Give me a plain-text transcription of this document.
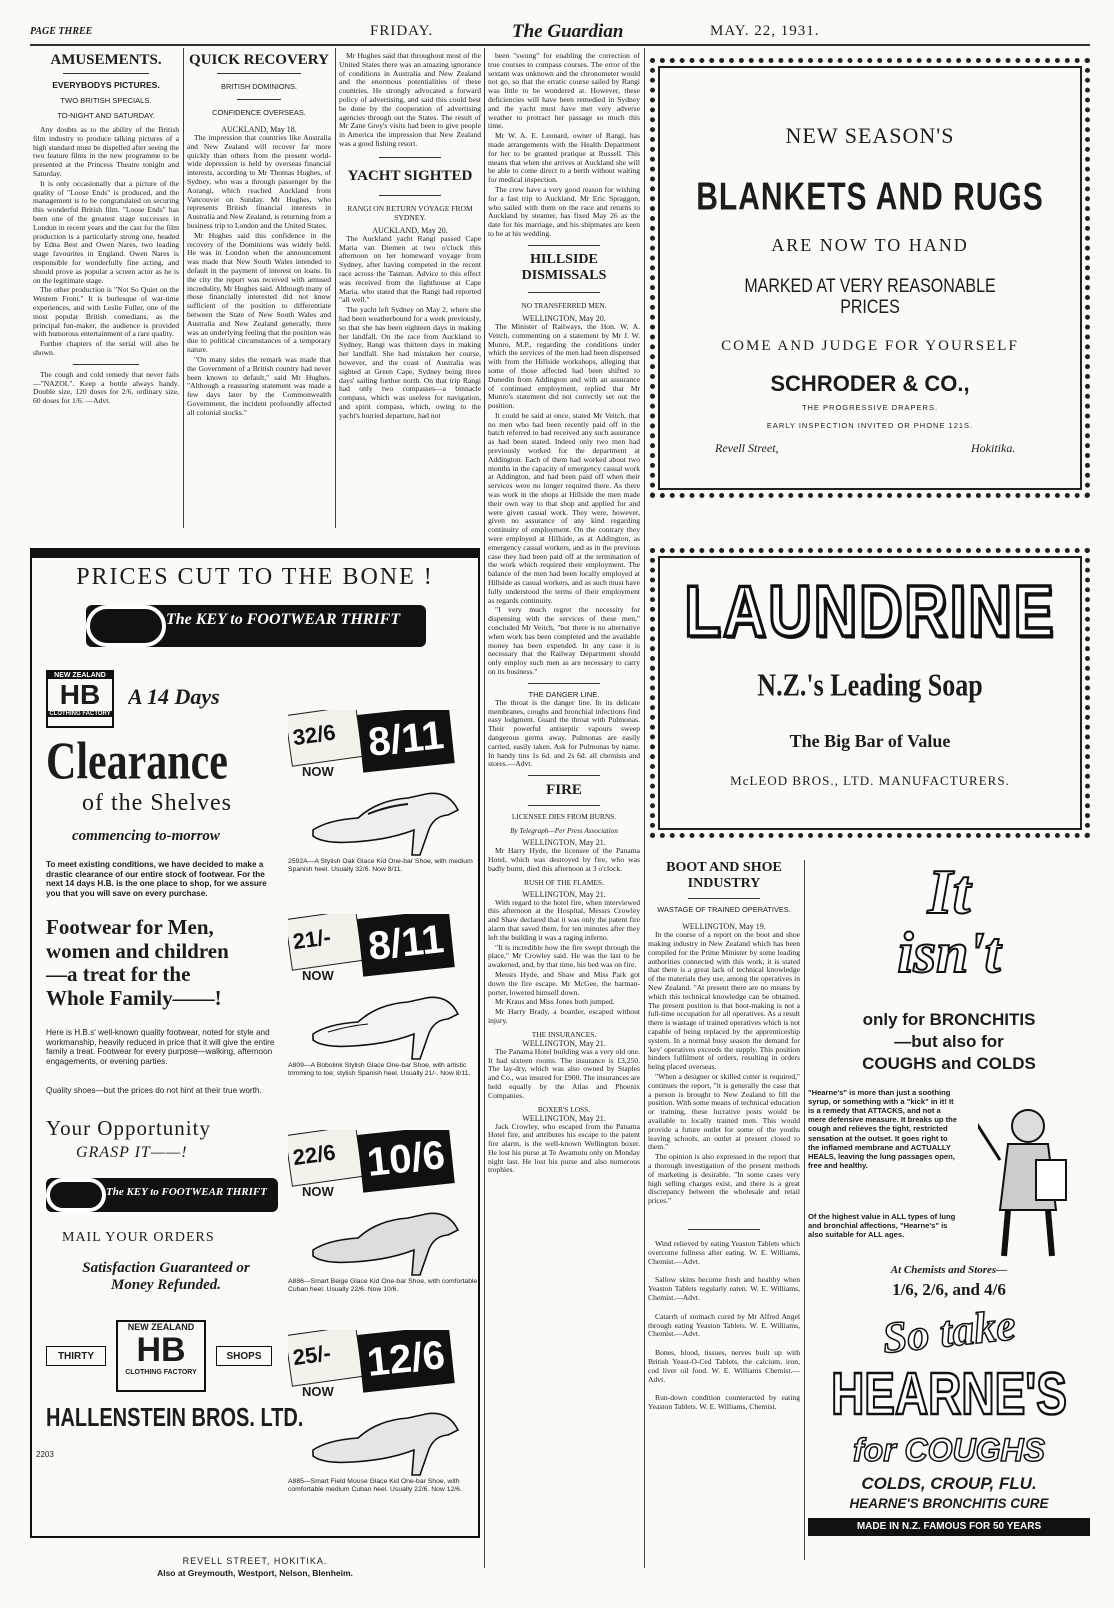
PAGE THREE	FRIDAY.	The Guardian	MAY. 22, 1931.
AMUSEMENTS.
EVERYBODYS PICTURES.
TWO BRITISH SPECIALS.
TO-NIGHT AND SATURDAY.

Any doubts as to the ability of the British film industry to produce talking pictures of a high standard must be dispelled after seeing the two feature films in the new programme to be presented at the Princess Theatre tonight and Saturday.

It is only occasionally that a picture of the quality of "Loose Ends" is produced, and the management is to be congratulated on securing this wonderful British film. "Loose Ends" has been one of the greatest stage successes in London in recent years and the cast for the film production is a particularly strong one, headed by Edna Best and Owen Nares, two leading stage favourites in England. Owen Nares is responsible for wonderfully fine acting, and should prove as popular a screen actor as he is on the legitimate stage.

The other production is "Not So Quiet on the Western Front." It is burlesque of war-time experiences, and with Leslie Fuller, one of the most popular British comedians, as the principal fun-maker, the audience is provided with humorous entertainment of a rare quality.

Further chapters of the serial will also be shown.

The cough and cold remedy that never fails—"NAZOL". Keep a bottle always handy. Double size, 120 doses for 2/6, ordinary size, 60 doses for 1/6. —Advt.

QUICK RECOVERY
BRITISH DOMINIONS.
CONFIDENCE OVERSEAS.
AUCKLAND, May 18.

The impression that countries like Australia and New Zealand will recover far more quickly than others from the present world-wide depression is held by overseas financial interests, according to Mr Thomas Hughes, of Sydney, who was a through passenger by the Aorangi, which reached Auckland from Vancouver on Sunday. Mr Hughes, who represents British financial interests in Australia and New Zealand, is returning from a business trip to London and the United States.

Mr Hughes said this confidence in the recovery of the Dominions was widely held. He was in London when the announcement was made that New South Wales intended to default in the payment of interest on loans. In the city the report was received with amused incredulity, Mr Hughes said. Although many of those financially interested did not know sufficient of the position to differentiate between the State of New South Wales and Australia and New Zealand generally, there was an underlying feeling that the position was due to political circumstances of a temporary nature.

"On many sides the remark was made that the Government of a British country had never been known to default," said Mr Hughes. "Although a reassuring statement was made a few days later by the Commonwealth Government, the incident profoundly affected all colonial stocks."

Mr Hughes said that throughout most of the United States there was an amazing ignorance of conditions in Australia and New Zealand and the enormous potentialities of these countries. He strongly advocated a forward policy of advertising, and said this could best be done by the cooperation of advertising agencies through out the States. The result of Mr Zane Grey's visits had been to give people in America the impression that New Zealand was a good fishing resort.

YACHT SIGHTED
RANGI ON RETURN VOYAGE FROM SYDNEY.
AUCKLAND, May 20.

The Auckland yacht Rangi passed Cape Maria van Diemen at two o'clock this afternoon on her homeward voyage from Sydney, after having competed in the recent race across the Tasman. Advice to this effect was received from the lighthouse at Cape Maria, who stated that the Rangi had reported "all well."

The yacht left Sydney on May 2, where she had been weatherbound for a week previously, so that she has been eighteen days in making her landfall. On the race from Auckland to Sydney, Rangi was thirteen days in making her landfall. She had mistaken her course, however, and the coast of Australia was sighted at Green Cape, Sydney being three days' sailing further north. On that trip Rangi had only two compasses—a binnacle compass, which was useless for navigation, and spirit compass, which, owing to the yacht's hurried departure, had not

been "swung" for enabling the correction of true courses to compass courses. The error of the sextant was unknown and the chronometer would not go, so that the erratic course sailed by Rangi was little to be wondered at. However, these deficiencies will have been remedied in Sydney and the yacht must have met very adverse weather to protract her passage so much this time.

Mr W. A. E. Leonard, owner of Rangi, has made arrangements with the Health Department for her to be granted pratique at Russell. This means that when she arrives at Auckland she will be able to come direct to a berth without waiting for medical inspection.

The crew have a very good reason for wishing for a fast trip to Auckland. Mr Eric Spraggon, who sailed with them on the race and returns to Auckland by steamer, has fixed May 26 as the date for his marriage, and his shipmates are keen to be at his wedding.

HILLSIDE DISMISSALS
NO TRANSFERRED MEN.
WELLINGTON, May 20.

The Minister of Railways, the Hon. W. A. Veitch, commenting on a statement by Mr J. W. Munro, M.P., regarding the conditions under which the services of the men had been dispensed with from the Hillside workshops, alleging that some of those affected had been shifted to Dunedin from Addington and with an assurance of continued employment, replied that Mr Munro's statement did not correctly set out the position.

It could be said at once, stated Mr Veitch, that no men who had been recently paid off in the batch referred to had received any such assurance as had been stated. Indeed only two men had previously worked for the department at Addington. Each of them had worked about two months in the capacity of emergency casual work at Addington, and had been paid off when their services were no longer required there. As there was work in the shops at Hillside the men made their own way to that shop and applied for and were given casual work. They were, however, given no assurance of any kind regarding continuity of employment. On the contrary they were employed at Hillside, as at Addington, as emergency casual workers, and as in the previous case they had been paid off at the termination of the work which required their employment. The balance of the men had been locally employed at Hillside as casual workers, and as such must have fully understood the terms of their employment as regards continuity.

"I very much regret the necessity for dispensing with the services of these men," concluded Mr Veitch, "but there is no alternative when work has been completed and the available money has been expended. In any case it is necessary that the Railway Department should only employ such men as are necessary to carry on its business."

THE DANGER LINE.

The throat is the danger line. In its delicate membranes, coughs and bronchial infections find easy lodgment. Guard the throat with Pulmonas. Their powerful antiseptic vapours sweep dangerous germs away. Pulmonas are easily carried, easily taken. Ask for Pulmonas by name. In handy tins 1s 6d. and 2s 6d. all chemists and stores.—Advt.

FIRE
LICENSEE DIES FROM BURNS.
By Telegraph—Per Press Association
WELLINGTON, May 21.

Mr Harry Hyde, the licensee of the Panama Hotel, which was destroyed by fire, who was badly burnt, died this afternoon at 3 o'clock.

RUSH OF THE FLAMES.
WELLINGTON, May 21.

With regard to the hotel fire, when interviewed this afternoon at the Hospital, Messrs Crowley and Shaw declared that it was only the patent fire alarm that saved them, for ten minutes after they left the building it was a raging inferno.

"It is incredible how the fire swept through the place," Mr Crowley said. He was the last to be awakened, and, by that time, his bed was on fire.

Messrs Hyde, and Shaw and Miss Park got down the fire escape. Mr McGee, the barman-porter, lowered himself down.

Mr Kraus and Miss Jones both jumped.

Mr Harry Brady, a boarder, escaped without injury.

THE INSURANCES.
WELLINGTON, May 21.

The Panama Hotel building was a very old one. It had sixteen rooms. The insurance is £3,250. The lay-dry, which was also owned by Staples and Co., was insured for £900. The insurances are held equally by the Atlas and Phoenix Companies.

BOXER'S LOSS.
WELLINGTON, May 21.

Jack Crowley, who escaped from the Panama Hotel fire, and attributes his escape to the patent fire alarm, is the well-known Wellington boxer. He lost his purse at Te Awamutu only on Monday night last. He lost his purse and also numerous trophies.

NEW SEASON'S
BLANKETS AND RUGS
ARE NOW TO HAND
MARKED AT VERY REASONABLE
PRICES
COME AND JUDGE FOR YOURSELF
SCHRODER & CO.,
THE PROGRESSIVE DRAPERS.
EARLY INSPECTION INVITED OR PHONE 121S.
Revell Street,	Hokitika.
LAUNDRINE
N.Z.'s Leading Soap
The Big Bar of Value
McLEOD BROS., LTD. MANUFACTURERS.
BOOT AND SHOE INDUSTRY
WASTAGE OF TRAINED OPERATIVES.
WELLINGTON, May 19.

In the course of a report on the boot and shoe making industry in New Zealand which has been compiled for the Prime Minister by some leading authorities connected with this work, it is stated that there is a great lack of technical knowledge of the materials they use, among the operatives in New Zealand. "At present there are no means by which this technical knowledge can be obtained. The present position is that boot-making is not a full-time occupation for all operatives. As a result there is wastage of trained operatives which is not capable of being replaced by the apprenticeship system. In a normal busy season the demand for 'key' operatives exceeds the supply. This position hinders fulfilment of orders, resulting in orders being placed overseas.

"When a designer or skilled cutter is required," continues the report, "it is generally the case that a person is brought to New Zealand to fill the position. With some means of technical education or training, these lucrative posts would be available to locally trained men. This would provide a future outlet for some of the youths leaving schools, an outlet at present closed to them."

The opinion is also expressed in the report that a thorough investigation of the present methods of marketing is desirable. "In some cases very high selling charges exist, and there is a great discrepancy between the wholesale and retail prices."

Wind relieved by eating Yeaston Tablets which overcome fullness after eating. W. E. Williams, Chemist.—Advt.

Sallow skins become fresh and healthy when Yeaston Tablets regularly eaten. W. E. Williams, Chemist.—Advt.

Catarrh of stomach cured by Mr Alfred Angel through eating Yeaston Tablets. W. E. Williams, Chemist.—Advt.

Bones, blood, tissues, nerves built up with British Yeast-O-Ced Tablets, the calcium, iron, cod liver oil food. W. E. Williams Chemist.—Advt.

Run-down condition counteracted by eating Yeaston Tablets. W. E. Williams, Chemist.

PRICES CUT TO THE BONE !
The KEY to FOOTWEAR THRIFT
NEW ZEALAND
HB
CLOTHING FACTORY
A 14 Days
Clearance
of the Shelves
commencing to-morrow
To meet existing conditions, we have decided to make a drastic clearance of our entire stock of footwear. For the next 14 days H.B. is the one place to shop, for we assure you that you will save on every purchase.
Footwear for Men,
women and children
—a treat for the
Whole Family——!
Here is H.B.s' well-known quality footwear, noted for style and workmanship, heavily reduced in price that it will give the entire family a treat. Footwear for every purpose—walking, afternoon engagements, or evening parties.
Quality shoes—but the prices do not hint at their true worth.
Your Opportunity
GRASP IT——!
The KEY to FOOTWEAR THRIFT
MAIL YOUR ORDERS
Satisfaction Guaranteed or
Money Refunded.
THIRTY
NEW ZEALAND
HB
CLOTHING FACTORY
SHOPS
HALLENSTEIN BROS. LTD.
2203
32/6 8/11
NOW
2592A—A Stylish Oak Glace Kid One-bar Shoe, with medium Spanish heel. Usually 32/6. Now 8/11.
21/- 8/11
NOW
A809—A Bobolink Stylish Glace One-bar Shoe, with artistic trimming to toe; stylish Spanish heel. Usually 21/-. Now 8/11.
22/6 10/6
NOW
A886—Smart Beige Glace Kid One-bar Shoe, with comfortable Cuban heel. Usually 22/6. Now 10/6.
25/- 12/6
NOW
A885—Smart Field Mouse Glace Kid One-bar Shoe, with comfortable medium Cuban heel. Usually 22/6. Now 12/6.
REVELL STREET, HOKITIKA.
Also at Greymouth, Westport, Nelson, Blenheim.
It
isn't
only for BRONCHITIS
—but also for
COUGHS and COLDS
"Hearne's" is more than just a soothing syrup, or something with a "kick" in it! It is a remedy that ATTACKS, and not a mere defensive measure. It breaks up the cough and relieves the tight, restricted sensation at the outset. It goes right to the inflamed membrane and ACTUALLY HEALS, leaving the lung passages open, free and healthy.
Of the highest value in ALL types of lung and bronchial affections, "Hearne's" is also suitable for ALL ages.
At Chemists and Stores—
1/6, 2/6, and 4/6
So take
HEARNE'S
for COUGHS
COLDS, CROUP, FLU.
HEARNE'S BRONCHITIS CURE
MADE IN N.Z. FAMOUS FOR 50 YEARS
